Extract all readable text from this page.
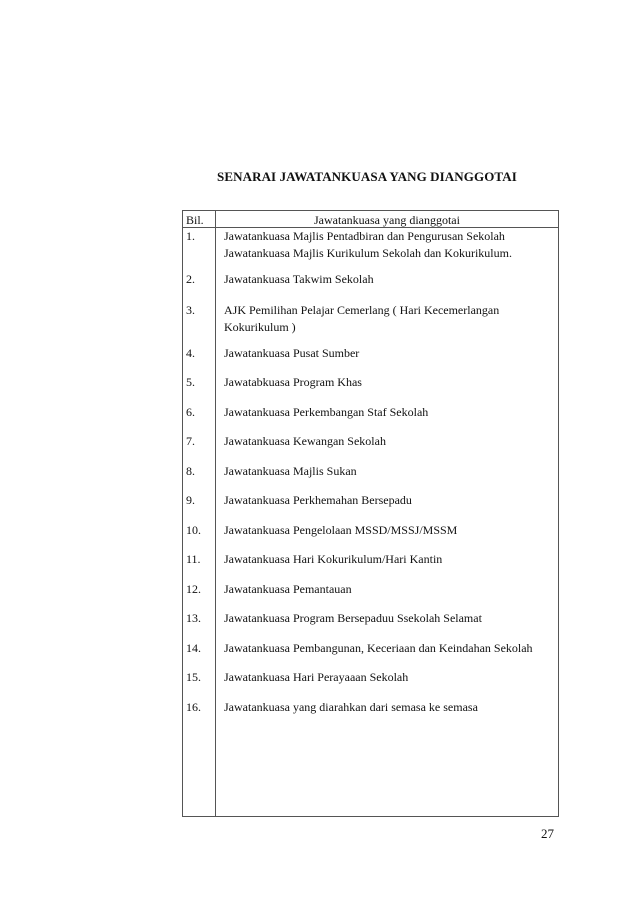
SENARAI JAWATANKUASA YANG DIANGGOTAI
Bil.	Jawatankuasa yang dianggotai
1. Jawatankuasa Majlis Pentadbiran dan Pengurusan Sekolah
Jawatankuasa Majlis Kurikulum Sekolah dan Kokurikulum.
2. Jawatankuasa Takwim Sekolah
3. AJK Pemilihan Pelajar Cemerlang ( Hari Kecemerlangan
Kokurikulum )
4. Jawatankuasa Pusat Sumber
5. Jawatabkuasa Program Khas
6. Jawatankuasa Perkembangan Staf Sekolah
7. Jawatankuasa Kewangan Sekolah
8. Jawatankuasa Majlis Sukan
9. Jawatankuasa Perkhemahan Bersepadu
10. Jawatankuasa Pengelolaan MSSD/MSSJ/MSSM
11. Jawatankuasa Hari Kokurikulum/Hari Kantin
12. Jawatankuasa Pemantauan
13. Jawatankuasa Program Bersepaduu Ssekolah Selamat
14. Jawatankuasa Pembangunan, Keceriaan dan Keindahan Sekolah
15. Jawatankuasa Hari Perayaaan Sekolah
16. Jawatankuasa yang diarahkan dari semasa ke semasa
27
